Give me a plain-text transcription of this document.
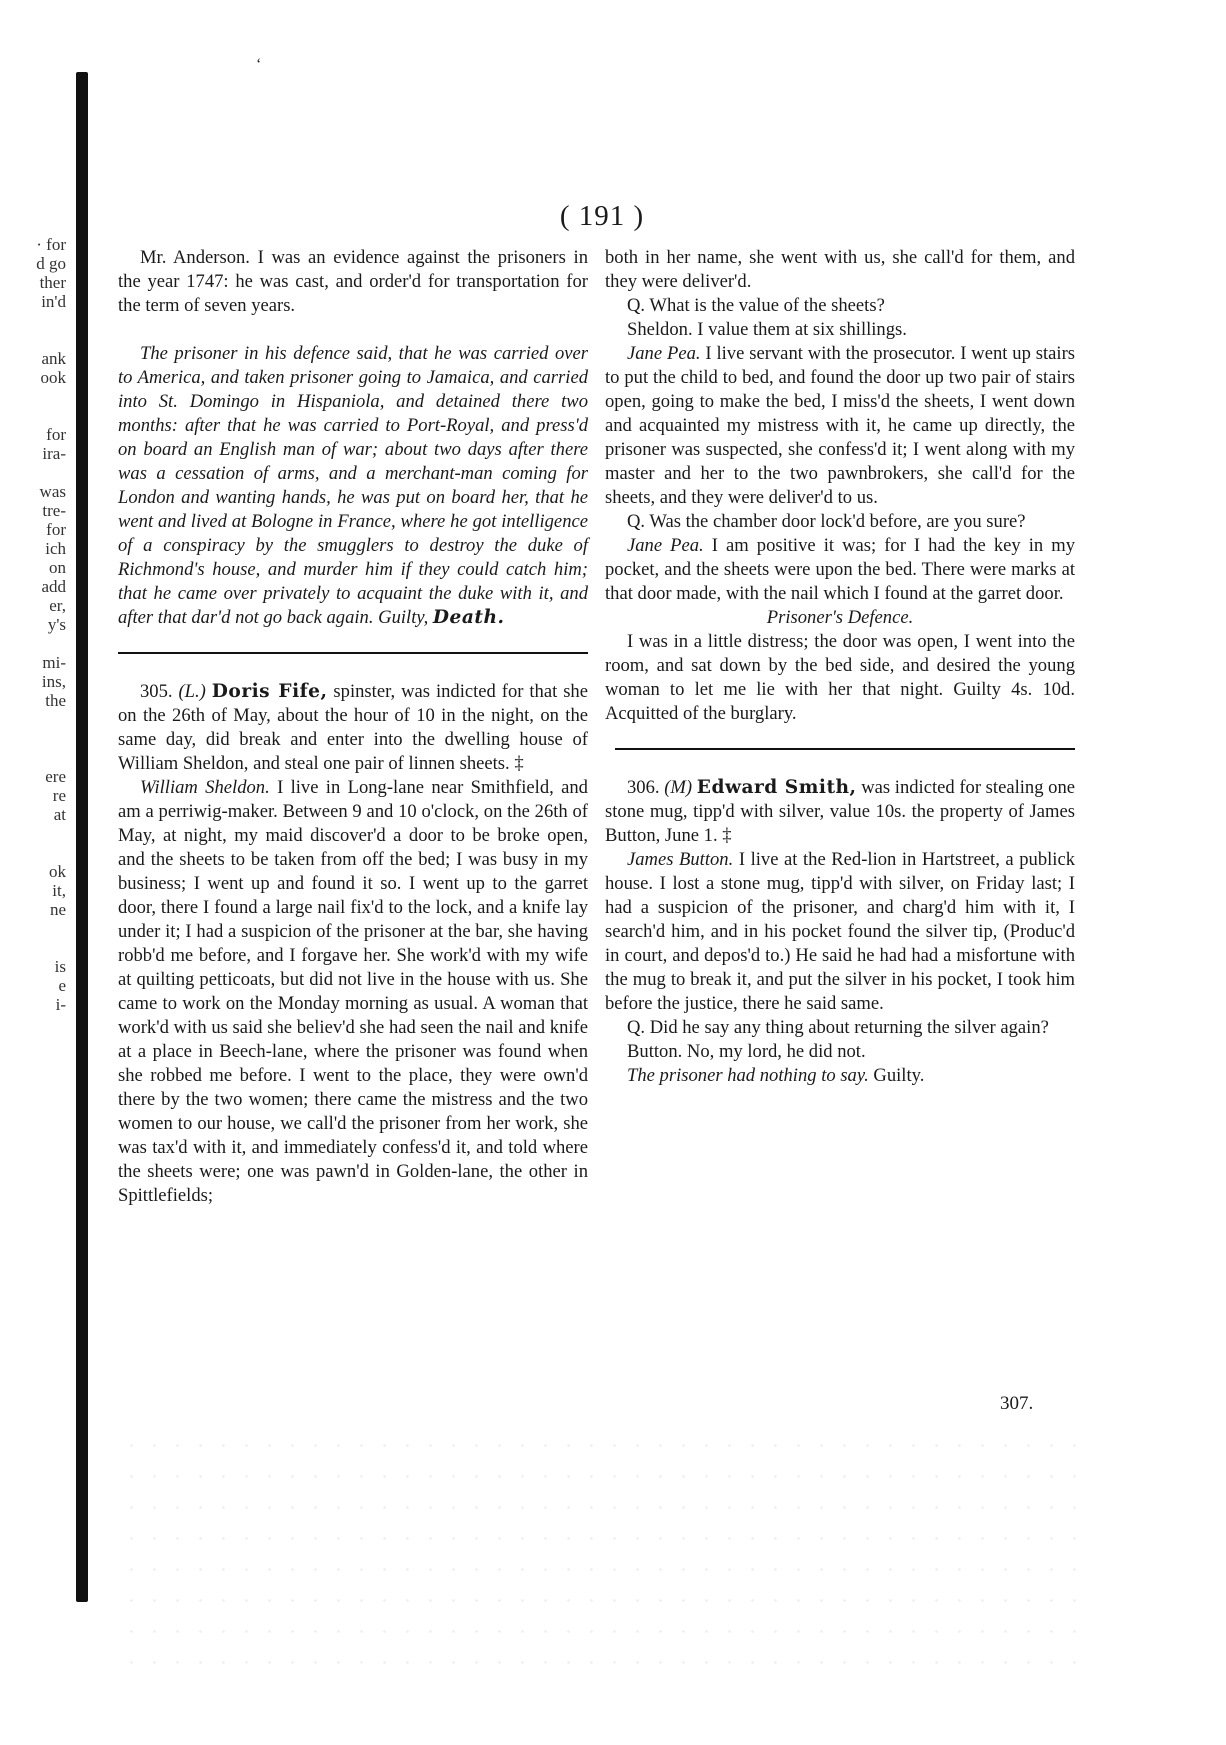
ʻ
· for
d go
ther
in'd
ank
ook
for
ira-
was
tre-
for
ich
on
add
er,
y's
mi-
ins,
the
ere
re
at
ok
it,
ne
is
e
i-
( 191 )

Mr. Anderson. I was an evidence against the prisoners in the year 1747: he was cast, and order'd for transportation for the term of seven years.

The prisoner in his defence said, that he was carried over to America, and taken prisoner going to Jamaica, and carried into St. Domingo in Hispaniola, and detained there two months: after that he was carried to Port-Royal, and press'd on board an English man of war; about two days after there was a cessation of arms, and a merchant-man coming for London and wanting hands, he was put on board her, that he went and lived at Bologne in France, where he got intelligence of a conspiracy by the smugglers to destroy the duke of Richmond's house, and murder him if they could catch him; that he came over privately to acquaint the duke with it, and after that dar'd not go back again. Guilty, Death.

305. (L.) Doris Fife, spinster, was indicted for that she on the 26th of May, about the hour of 10 in the night, on the same day, did break and enter into the dwelling house of William Sheldon, and steal one pair of linnen sheets. ‡

William Sheldon. I live in Long-lane near Smithfield, and am a perriwig-maker. Between 9 and 10 o'clock, on the 26th of May, at night, my maid discover'd a door to be broke open, and the sheets to be taken from off the bed; I was busy in my business; I went up and found it so. I went up to the garret door, there I found a large nail fix'd to the lock, and a knife lay under it; I had a suspicion of the prisoner at the bar, she having robb'd me before, and I forgave her. She work'd with my wife at quilting petticoats, but did not live in the house with us. She came to work on the Monday morning as usual. A woman that work'd with us said she believ'd she had seen the nail and knife at a place in Beech-lane, where the prisoner was found when she robbed me before. I went to the place, they were own'd there by the two women; there came the mistress and the two women to our house, we call'd the prisoner from her work, she was tax'd with it, and immediately confess'd it, and told where the sheets were; one was pawn'd in Golden-lane, the other in Spittlefields;

both in her name, she went with us, she call'd for them, and they were deliver'd.

Q. What is the value of the sheets?

Sheldon. I value them at six shillings.

Jane Pea. I live servant with the prosecutor. I went up stairs to put the child to bed, and found the door up two pair of stairs open, going to make the bed, I miss'd the sheets, I went down and acquainted my mistress with it, he came up directly, the prisoner was suspected, she confess'd it; I went along with my master and her to the two pawnbrokers, she call'd for the sheets, and they were deliver'd to us.

Q. Was the chamber door lock'd before, are you sure?

Jane Pea. I am positive it was; for I had the key in my pocket, and the sheets were upon the bed. There were marks at that door made, with the nail which I found at the garret door.

Prisoner's Defence.

I was in a little distress; the door was open, I went into the room, and sat down by the bed side, and desired the young woman to let me lie with her that night. Guilty 4s. 10d. Acquitted of the burglary.

306. (M) Edward Smith, was indicted for stealing one stone mug, tipp'd with silver, value 10s. the property of James Button, June 1. ‡

James Button. I live at the Red-lion in Hartstreet, a publick house. I lost a stone mug, tipp'd with silver, on Friday last; I had a suspicion of the prisoner, and charg'd him with it, I search'd him, and in his pocket found the silver tip, (Produc'd in court, and depos'd to.) He said he had had a misfortune with the mug to break it, and put the silver in his pocket, I took him before the justice, there he said same.

Q. Did he say any thing about returning the silver again?

Button. No, my lord, he did not.

The prisoner had nothing to say. Guilty.

307.
